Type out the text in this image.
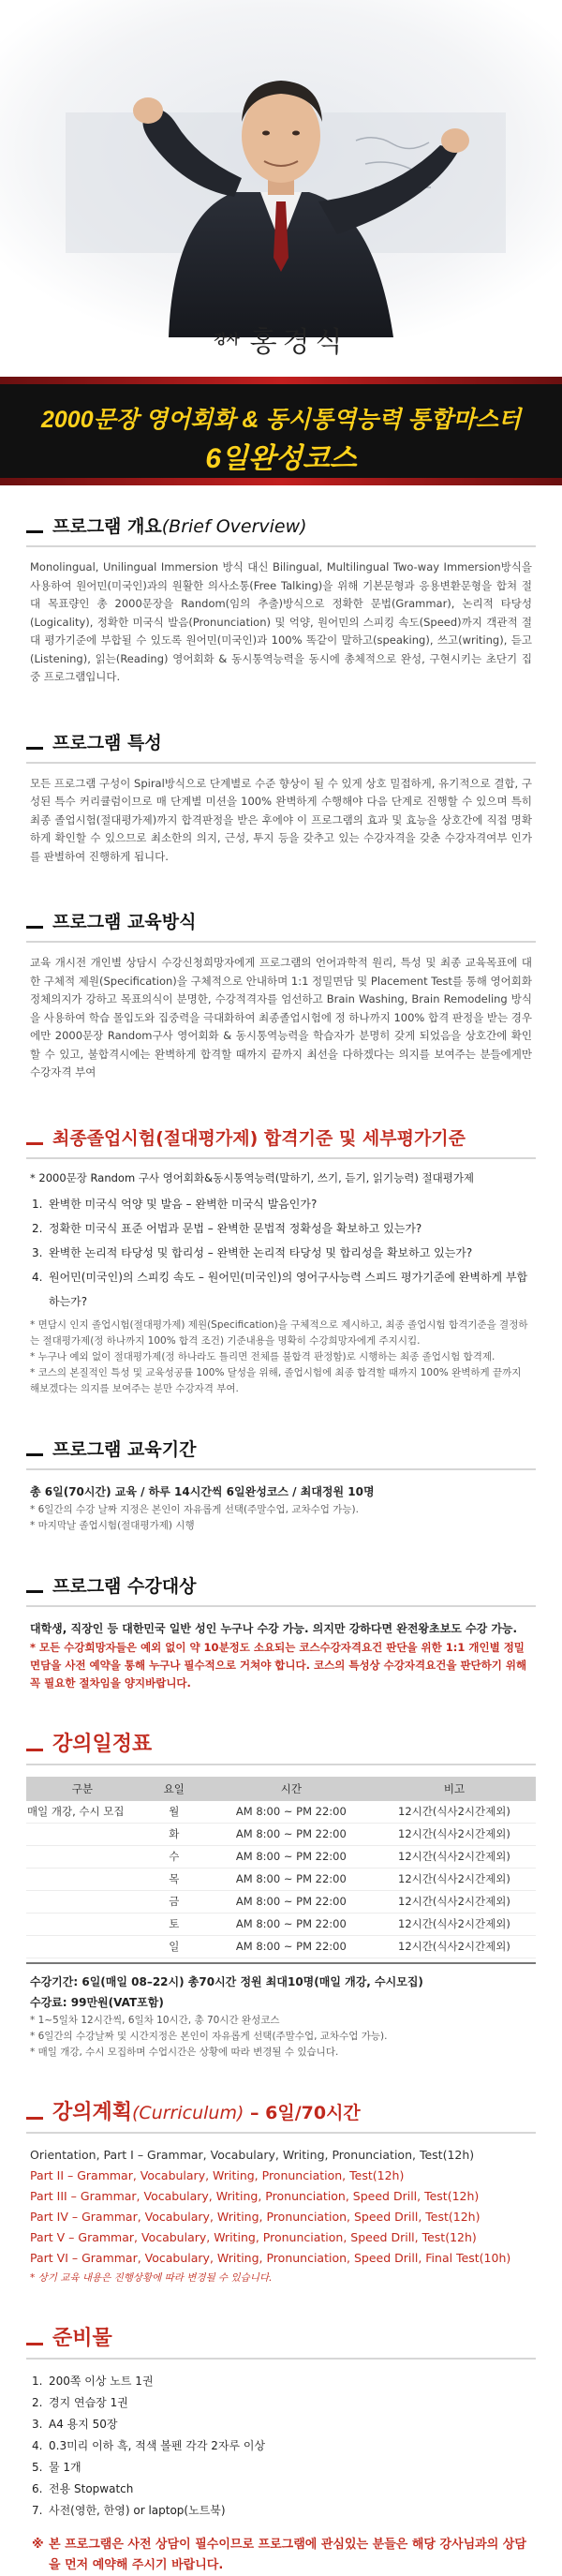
강사 홍경식
2000문장 영어회화 & 동시통역능력 통합마스터
6일완성코스
프로그램 개요(Brief Overview)
Monolingual, Unilingual Immersion 방식 대신 Bilingual, Multilingual Two-way Immersion방식을 사용하여 원어민(미국인)과의 원활한 의사소통(Free Talking)을 위해 기본문형과 응용변환문형을 합쳐 절대 목표량인 총 2000문장을 Random(임의 추출)방식으로 정확한 문법(Grammar), 논리적 타당성(Logicality), 정확한 미국식 발음(Pronunciation) 및 억양, 원어민의 스피킹 속도(Speed)까지 객관적 절대 평가기준에 부합될 수 있도록 원어민(미국인)과 100% 똑같이 말하고(speaking), 쓰고(writing), 듣고(Listening), 읽는(Reading) 영어회화 & 동시통역능력을 동시에 총체적으로 완성, 구현시키는 초단기 집중 프로그램입니다.
프로그램 특성
모든 프로그램 구성이 Spiral방식으로 단계별로 수준 향상이 될 수 있게 상호 밀접하게, 유기적으로 결합, 구성된 특수 커리큘럼이므로 매 단계별 미션을 100% 완벽하게 수행해야 다음 단계로 진행할 수 있으며 특히 최종 졸업시험(절대평가제)까지 합격판정을 받은 후에야 이 프로그램의 효과 및 효능을 상호간에 직접 명확하게 확인할 수 있으므로 최소한의 의지, 근성, 투지 등을 갖추고 있는 수강자격을 갖춘 수강자격여부 인가를 판별하여 진행하게 됩니다.
프로그램 교육방식
교육 개시전 개인별 상담시 수강신청희망자에게 프로그램의 언어과학적 원리, 특성 및 최종 교육목표에 대한 구체적 제원(Specification)을 구체적으로 안내하며 1:1 정밀면담 및 Placement Test를 통해 영어회화정체의지가 강하고 목표의식이 분명한, 수강적격자를 엄선하고 Brain Washing, Brain Remodeling 방식을 사용하여 학습 몰입도와 집중력을 극대화하여 최종졸업시험에 정 하나까지 100% 합격 판정을 받는 경우에만 2000문장 Random구사 영어회화 & 동시통역능력을 학습자가 분명히 갖게 되었음을 상호간에 확인할 수 있고, 불합격시에는 완벽하게 합격할 때까지 끝까지 최선을 다하겠다는 의지를 보여주는 분들에게만 수강자격 부여
최종졸업시험(절대평가제) 합격기준 및 세부평가기준
* 2000문장 Random 구사 영어회화&동시통역능력(말하기, 쓰기, 듣기, 읽기능력) 절대평가제
1. 완벽한 미국식 억양 및 발음 – 완벽한 미국식 발음인가?
2. 정확한 미국식 표준 어법과 문법 – 완벽한 문법적 정확성을 확보하고 있는가?
3. 완벽한 논리적 타당성 및 합리성 – 완벽한 논리적 타당성 및 합리성을 확보하고 있는가?
4. 원어민(미국인)의 스피킹 속도 – 원어민(미국인)의 영어구사능력 스피드 평가기준에 완벽하게 부합하는가?
* 면담시 인지 졸업시험(절대평가제) 제원(Specification)을 구체적으로 제시하고, 최종 졸업시험 합격기준을 결정하는 절대평가제(정 하나까지 100% 합격 조건) 기준내용을 명확히 수강희망자에게 주지시킴.
* 누구나 예외 없이 절대평가제(정 하나라도 틀리면 전체를 불합격 판정함)로 시행하는 최종 졸업시험 합격제.
* 코스의 본질적인 특성 및 교육성공률 100% 달성을 위해, 졸업시험에 최종 합격할 때까지 100% 완벽하게 끝까지 해보겠다는 의지를 보여주는 분만 수강자격 부여.
프로그램 교육기간
총 6일(70시간) 교육 / 하루 14시간씩 6일완성코스 / 최대정원 10명
* 6일간의 수강 날짜 지정은 본인이 자유롭게 선택(주말수업, 교차수업 가능).
* 마지막날 졸업시험(절대평가제) 시행
프로그램 수강대상
대학생, 직장인 등 대한민국 일반 성인 누구나 수강 가능. 의지만 강하다면 완전왕초보도 수강 가능.
* 모든 수강희망자들은 예외 없이 약 10분정도 소요되는 코스수강자격요건 판단을 위한 1:1 개인별 정밀면담을 사전 예약을 통해 누구나 필수적으로 거쳐야 합니다. 코스의 특성상 수강자격요건을 판단하기 위해 꼭 필요한 절차임을 양지바랍니다.
강의일정표
구분	요일	시간	비고
매일 개강, 수시 모집	월	AM 8:00 ~ PM 22:00	12시간(식사2시간제외)
	화	AM 8:00 ~ PM 22:00	12시간(식사2시간제외)
	수	AM 8:00 ~ PM 22:00	12시간(식사2시간제외)
	목	AM 8:00 ~ PM 22:00	12시간(식사2시간제외)
	금	AM 8:00 ~ PM 22:00	12시간(식사2시간제외)
	토	AM 8:00 ~ PM 22:00	12시간(식사2시간제외)
	일	AM 8:00 ~ PM 22:00	12시간(식사2시간제외)
수강기간: 6일(매일 08–22시) 총70시간 정원 최대10명(매일 개강, 수시모집)
수강료: 99만원(VAT포함)
* 1~5일차 12시간씩, 6일차 10시간, 총 70시간 완성코스
* 6일간의 수강날짜 및 시간지정은 본인이 자유롭게 선택(주말수업, 교차수업 가능).
* 매일 개강, 수시 모집하며 수업시간은 상황에 따라 변경될 수 있습니다.
강의계획(Curriculum) – 6일/70시간
Orientation, Part I – Grammar, Vocabulary, Writing, Pronunciation, Test(12h)
Part II – Grammar, Vocabulary, Writing, Pronunciation, Test(12h)
Part III – Grammar, Vocabulary, Writing, Pronunciation, Speed Drill, Test(12h)
Part IV – Grammar, Vocabulary, Writing, Pronunciation, Speed Drill, Test(12h)
Part V – Grammar, Vocabulary, Writing, Pronunciation, Speed Drill, Test(12h)
Part VI – Grammar, Vocabulary, Writing, Pronunciation, Speed Drill, Final Test(10h)
* 상기 교육 내용은 진행상황에 따라 변경될 수 있습니다.
준비물
1. 200쪽 이상 노트 1권
2. 경지 연습장 1권
3. A4 용지 50장
4. 0.3미리 이하 흑, 적색 볼펜 각각 2자루 이상
5. 물 1개
6. 전용 Stopwatch
7. 사전(영한, 한영) or laptop(노트북)
※ 본 프로그램은 사전 상담이 필수이므로 프로그램에 관심있는 분들은 해당 강사님과의 상담을 먼저 예약해 주시기 바랍니다.
